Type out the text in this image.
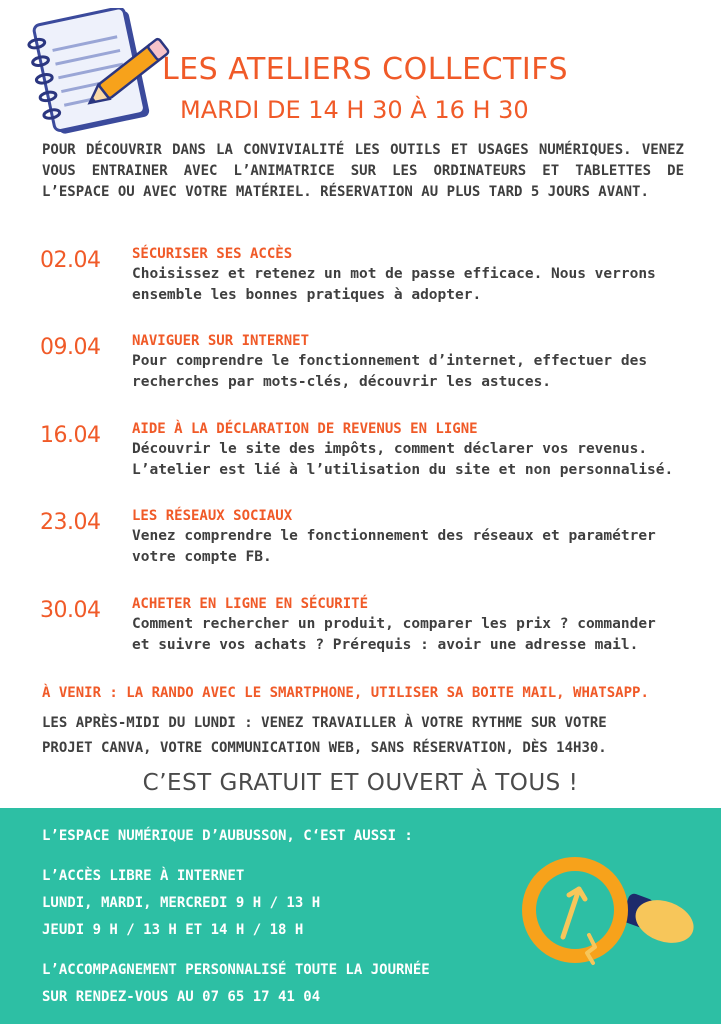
LES ATELIERS COLLECTIFS
MARDI DE 14 H 30 À 16 H 30
POUR DÉCOUVRIR DANS LA CONVIVIALITÉ LES OUTILS ET USAGES NUMÉRIQUES. VENEZ VOUS ENTRAINER AVEC L’ANIMATRICE SUR LES ORDINATEURS ET TABLETTES DE L’ESPACE OU AVEC VOTRE MATÉRIEL. RÉSERVATION AU PLUS TARD 5 JOURS AVANT.
02.04 SÉCURISER SES ACCÈS
Choisissez et retenez un mot de passe efficace. Nous verrons
ensemble les bonnes pratiques à adopter.
09.04 NAVIGUER SUR INTERNET
Pour comprendre le fonctionnement d’internet, effectuer des
recherches par mots-clés, découvrir les astuces.
16.04 AIDE À LA DÉCLARATION DE REVENUS EN LIGNE
Découvrir le site des impôts, comment déclarer vos revenus.
L’atelier est lié à l’utilisation du site et non personnalisé.
23.04 LES RÉSEAUX SOCIAUX
Venez comprendre le fonctionnement des réseaux et paramétrer
votre compte FB.
30.04 ACHETER EN LIGNE EN SÉCURITÉ
Comment rechercher un produit, comparer les prix ? commander
et suivre vos achats ? Prérequis : avoir une adresse mail.
À VENIR : LA RANDO AVEC LE SMARTPHONE, UTILISER SA BOITE MAIL, WHATSAPP.
LES APRÈS-MIDI DU LUNDI : VENEZ TRAVAILLER À VOTRE RYTHME SUR VOTRE
PROJET CANVA, VOTRE COMMUNICATION WEB, SANS RÉSERVATION, DÈS 14H30.
C’EST GRATUIT ET OUVERT À TOUS !
L’ESPACE NUMÉRIQUE D’AUBUSSON, C‘EST AUSSI :
L’ACCÈS LIBRE À INTERNET
LUNDI, MARDI, MERCREDI 9 H / 13 H
JEUDI 9 H / 13 H ET 14 H / 18 H
L’ACCOMPAGNEMENT PERSONNALISÉ TOUTE LA JOURNÉE
SUR RENDEZ-VOUS AU 07 65 17 41 04
